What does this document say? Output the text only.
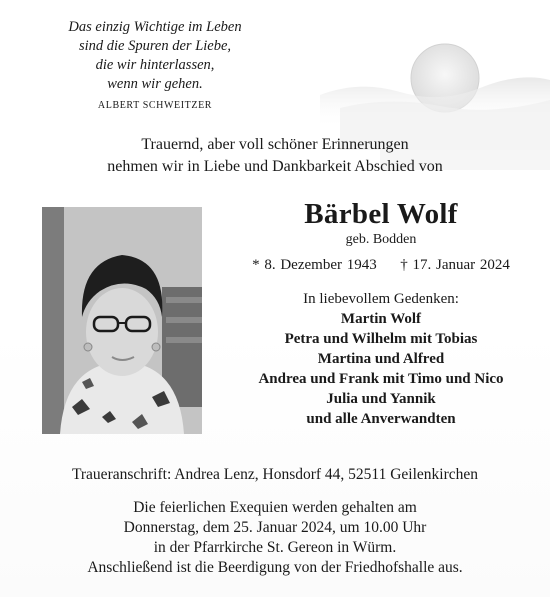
Das einzig Wichtige im Leben
sind die Spuren der Liebe,
die wir hinterlassen,
wenn wir gehen.
ALBERT SCHWEITZER
Trauernd, aber voll schöner Erinnerungen
nehmen wir in Liebe und Dankbarkeit Abschied von
Bärbel Wolf
geb. Bodden
* 8. Dezember 1943 † 17. Januar 2024
In liebevollem Gedenken:
Martin Wolf
Petra und Wilhelm mit Tobias
Martina und Alfred
Andrea und Frank mit Timo und Nico
Julia und Yannik
und alle Anverwandten
Traueranschrift: Andrea Lenz, Honsdorf 44, 52511 Geilenkirchen
Die feierlichen Exequien werden gehalten am
Donnerstag, dem 25. Januar 2024, um 10.00 Uhr
in der Pfarrkirche St. Gereon in Würm.
Anschließend ist die Beerdigung von der Friedhofshalle aus.
